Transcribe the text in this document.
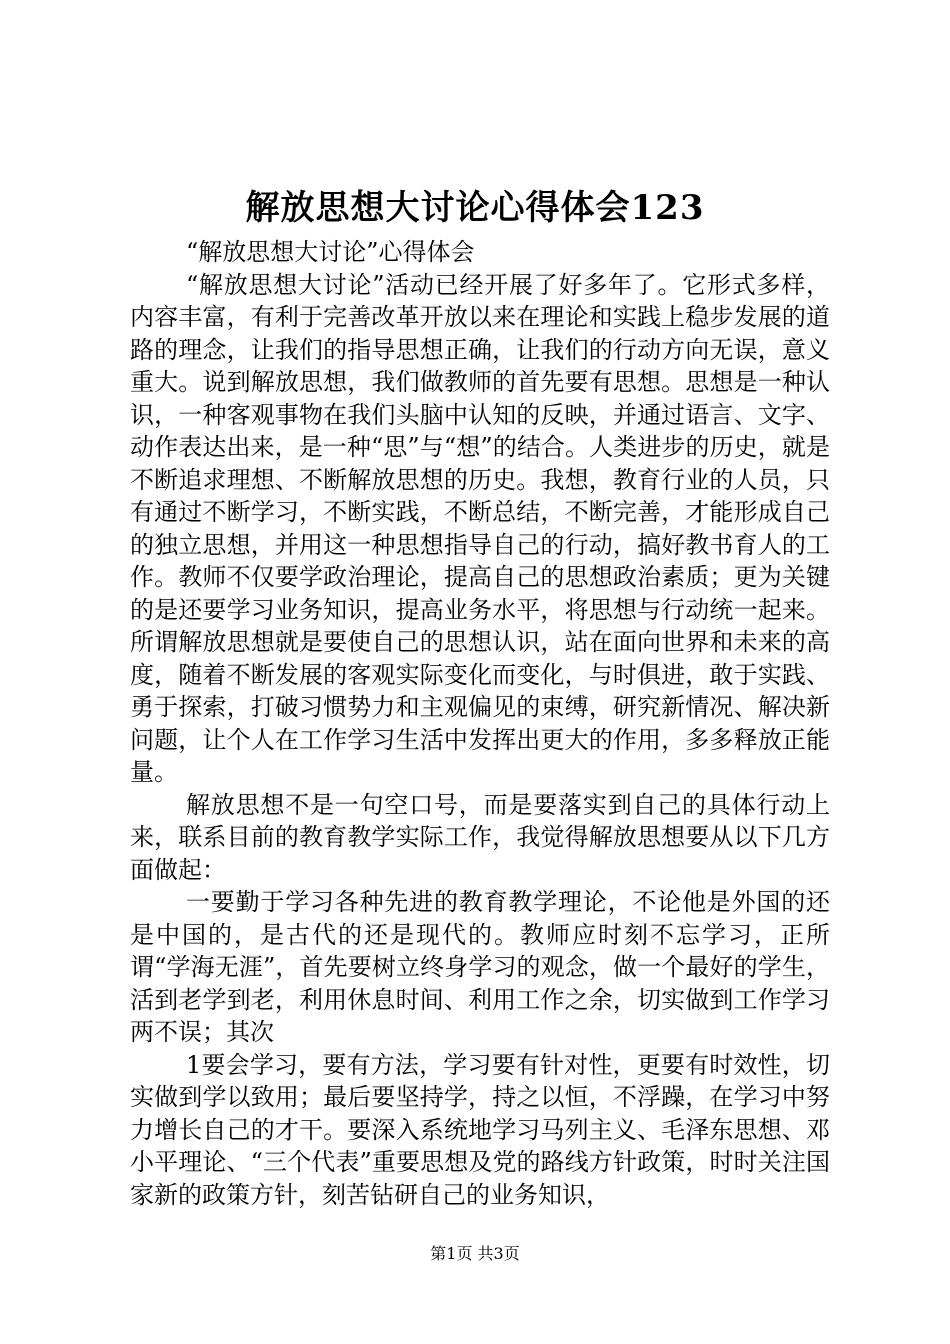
解放思想大讨论心得体会123

“解放思想大讨论”心得体会

“解放思想大讨论”活动已经开展了好多年了。它形式多样，内容丰富，有利于完善改革开放以来在理论和实践上稳步发展的道路的理念，让我们的指导思想正确，让我们的行动方向无误，意义重大。说到解放思想，我们做教师的首先要有思想。思想是一种认识，一种客观事物在我们头脑中认知的反映，并通过语言、文字、动作表达出来，是一种“思”与“想”的结合。人类进步的历史，就是不断追求理想、不断解放思想的历史。我想，教育行业的人员，只有通过不断学习，不断实践，不断总结，不断完善，才能形成自己的独立思想，并用这一种思想指导自己的行动，搞好教书育人的工作。教师不仅要学政治理论，提高自己的思想政治素质；更为关键的是还要学习业务知识，提高业务水平，将思想与行动统一起来。所谓解放思想就是要使自己的思想认识，站在面向世界和未来的高度，随着不断发展的客观实际变化而变化，与时俱进，敢于实践、勇于探索，打破习惯势力和主观偏见的束缚，研究新情况、解决新问题，让个人在工作学习生活中发挥出更大的作用，多多释放正能量。

解放思想不是一句空口号，而是要落实到自己的具体行动上来，联系目前的教育教学实际工作，我觉得解放思想要从以下几方面做起：

一要勤于学习各种先进的教育教学理论，不论他是外国的还是中国的，是古代的还是现代的。教师应时刻不忘学习，正所谓“学海无涯”，首先要树立终身学习的观念，做一个最好的学生，活到老学到老，利用休息时间、利用工作之余，切实做到工作学习两不误；其次

1要会学习，要有方法，学习要有针对性，更要有时效性，切实做到学以致用；最后要坚持学，持之以恒，不浮躁，在学习中努力增长自己的才干。要深入系统地学习马列主义、毛泽东思想、邓小平理论、“三个代表”重要思想及党的路线方针政策，时时关注国家新的政策方针，刻苦钻研自己的业务知识，

第1页 共3页
